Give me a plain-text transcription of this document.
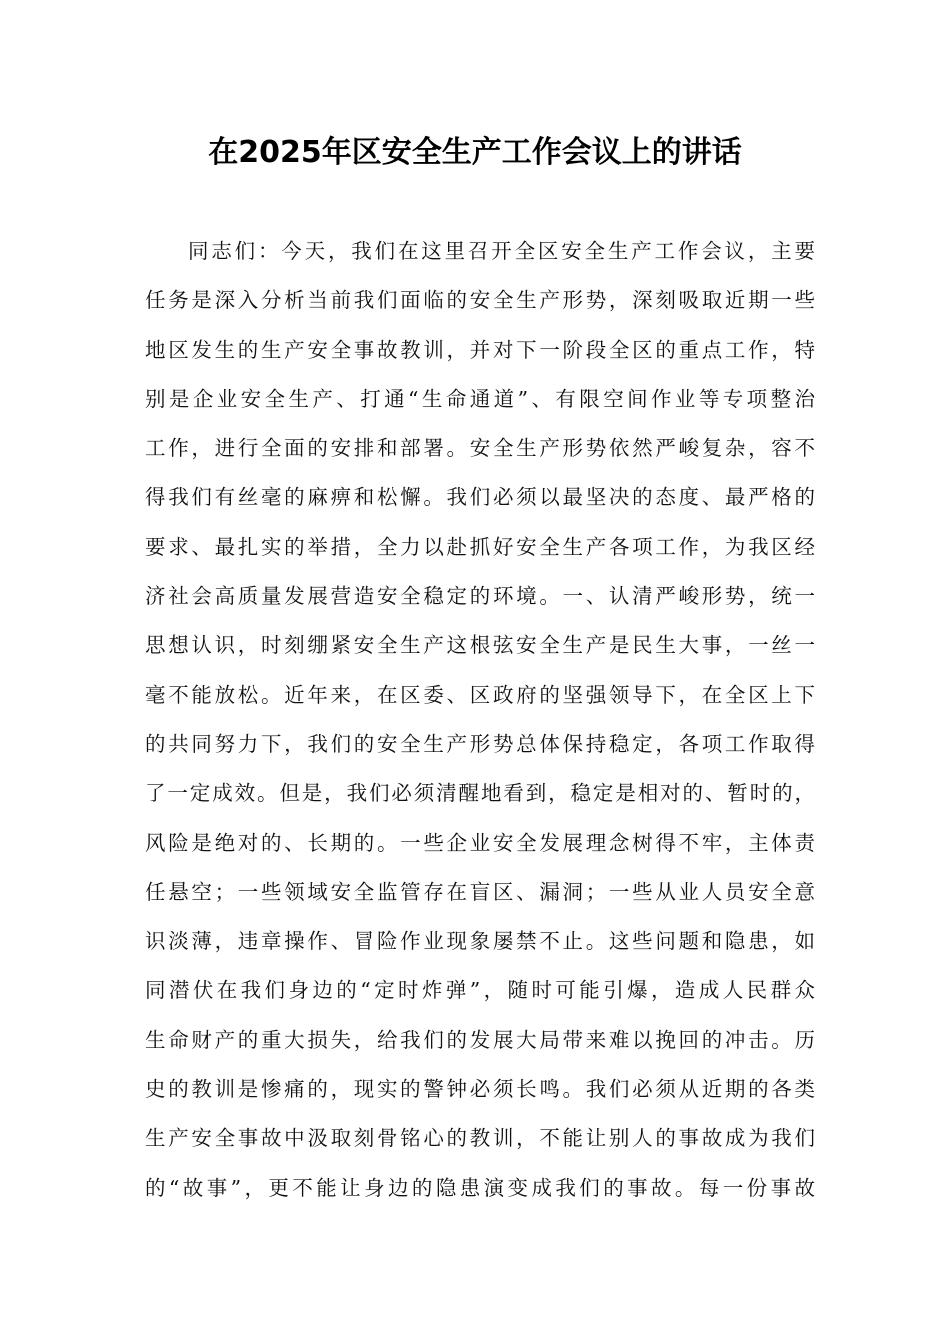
在2025年区安全生产工作会议上的讲话
同志们：今天，我们在这里召开全区安全生产工作会议，主要
任务是深入分析当前我们面临的安全生产形势，深刻吸取近期一些
地区发生的生产安全事故教训，并对下一阶段全区的重点工作，特
别是企业安全生产、打通“生命通道”、有限空间作业等专项整治
工作，进行全面的安排和部署。安全生产形势依然严峻复杂，容不
得我们有丝毫的麻痹和松懈。我们必须以最坚决的态度、最严格的
要求、最扎实的举措，全力以赴抓好安全生产各项工作，为我区经
济社会高质量发展营造安全稳定的环境。一、认清严峻形势，统一
思想认识，时刻绷紧安全生产这根弦安全生产是民生大事，一丝一
毫不能放松。近年来，在区委、区政府的坚强领导下，在全区上下
的共同努力下，我们的安全生产形势总体保持稳定，各项工作取得
了一定成效。但是，我们必须清醒地看到，稳定是相对的、暂时的，
风险是绝对的、长期的。一些企业安全发展理念树得不牢，主体责
任悬空；一些领域安全监管存在盲区、漏洞；一些从业人员安全意
识淡薄，违章操作、冒险作业现象屡禁不止。这些问题和隐患，如
同潜伏在我们身边的“定时炸弹”，随时可能引爆，造成人民群众
生命财产的重大损失，给我们的发展大局带来难以挽回的冲击。历
史的教训是惨痛的，现实的警钟必须长鸣。我们必须从近期的各类
生产安全事故中汲取刻骨铭心的教训，不能让别人的事故成为我们
的“故事”，更不能让身边的隐患演变成我们的事故。每一份事故
